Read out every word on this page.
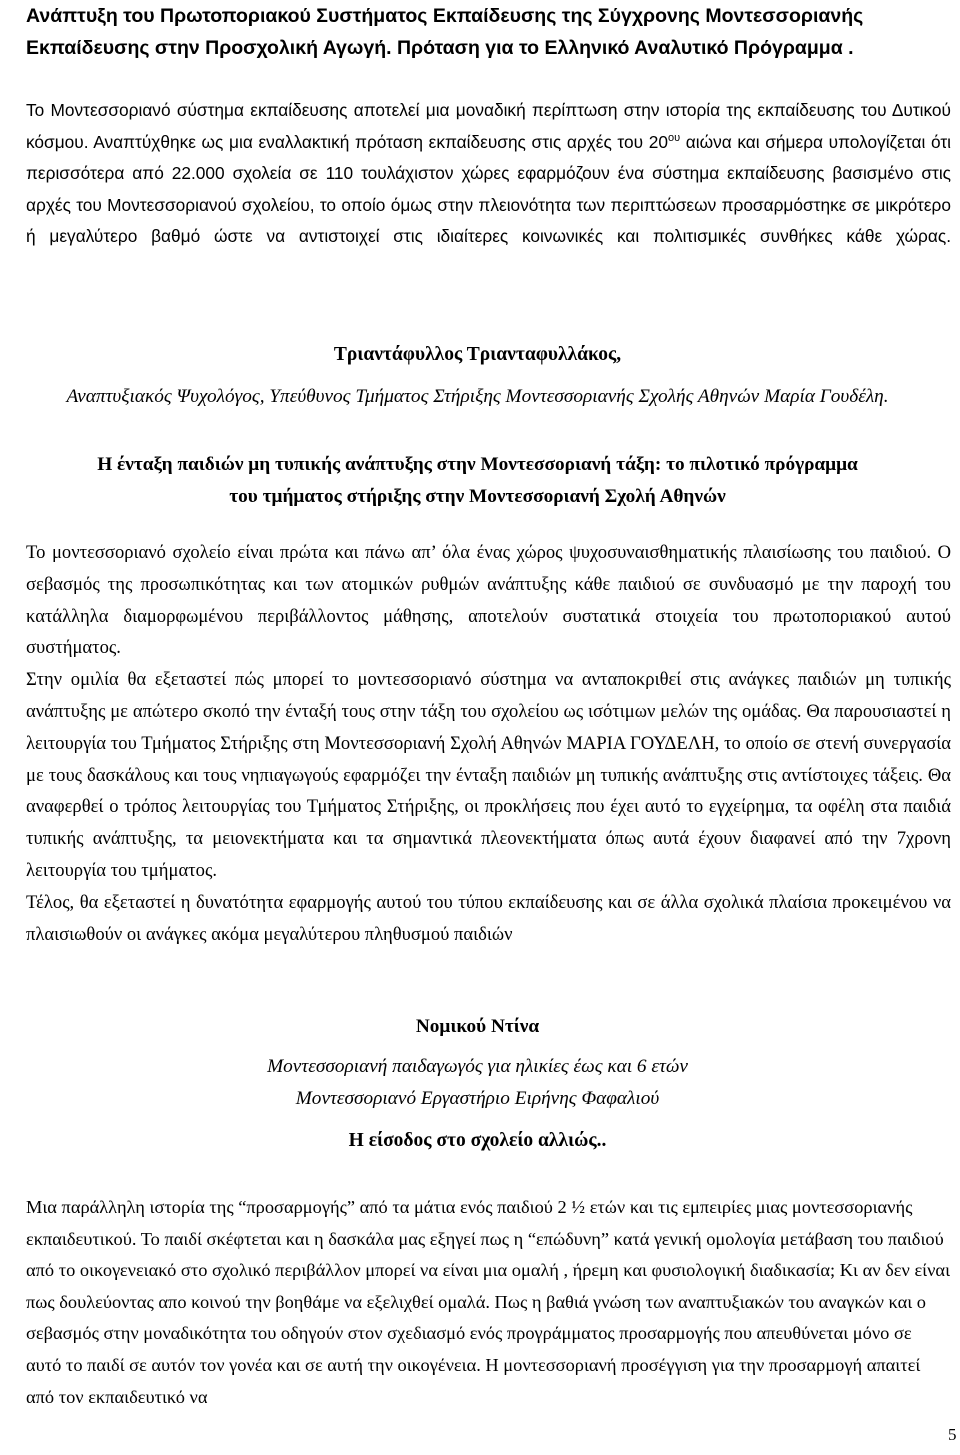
Ανάπτυξη του Πρωτοποριακού Συστήματος Εκπαίδευσης της Σύγχρονης Μοντεσσοριανής
Εκπαίδευσης στην Προσχολική Αγωγή. Πρόταση για το Ελληνικό Αναλυτικό Πρόγραμμα .

Το Μοντεσσοριανό σύστημα εκπαίδευσης αποτελεί μια μοναδική περίπτωση στην ιστορία της εκπαίδευσης του Δυτικού κόσμου. Αναπτύχθηκε ως μια εναλλακτική πρόταση εκπαίδευσης στις αρχές του $20^{o\upsilon}$ αιώνα και σήμερα υπολογίζεται ότι περισσότερα από 22.000 σχολεία σε 110 τουλάχιστον χώρες εφαρμόζουν ένα σύστημα εκπαίδευσης βασισμένο στις αρχές του Μοντεσσοριανού σχολείου, το οποίο όμως στην πλειονότητα των περιπτώσεων προσαρμόστηκε σε μικρότερο ή μεγαλύτερο βαθμό ώστε να αντιστοιχεί στις ιδιαίτερες κοινωνικές και πολιτισμικές συνθήκες κάθε χώρας.

Τριαντάφυλλος Τριανταφυλλάκος,
Αναπτυξιακός Ψυχολόγος, Υπεύθυνος Τμήματος Στήριξης Μοντεσσοριανής Σχολής Αθηνών Μαρία Γουδέλη.
Η ένταξη παιδιών μη τυπικής ανάπτυξης στην Μοντεσσοριανή τάξη: το πιλοτικό πρόγραμμα
του τμήματος στήριξης στην Μοντεσσοριανή Σχολή Αθηνών
Το μοντεσσοριανό σχολείο είναι πρώτα και πάνω απ’ όλα ένας χώρος ψυχοσυναισθηματικής πλαισίωσης του παιδιού. Ο σεβασμός της προσωπικότητας και των ατομικών ρυθμών ανάπτυξης κάθε παιδιού σε συνδυασμό με την παροχή του κατάλληλα διαμορφωμένου περιβάλλοντος μάθησης, αποτελούν συστατικά στοιχεία του πρωτοποριακού αυτού συστήματος.
Στην ομιλία θα εξεταστεί πώς μπορεί το μοντεσσοριανό σύστημα να ανταποκριθεί στις ανάγκες παιδιών μη τυπικής ανάπτυξης με απώτερο σκοπό την ένταξή τους στην τάξη του σχολείου ως ισότιμων μελών της ομάδας. Θα παρουσιαστεί η λειτουργία του Τμήματος Στήριξης στη Μοντεσσοριανή Σχολή Αθηνών ΜΑΡΙΑ ΓΟΥΔΕΛΗ, το οποίο σε στενή συνεργασία με τους δασκάλους και τους νηπιαγωγούς εφαρμόζει την ένταξη παιδιών μη τυπικής ανάπτυξης στις αντίστοιχες τάξεις. Θα αναφερθεί ο τρόπος λειτουργίας του Τμήματος Στήριξης, οι προκλήσεις που έχει αυτό το εγχείρημα, τα οφέλη στα παιδιά τυπικής ανάπτυξης, τα μειονεκτήματα και τα σημαντικά πλεονεκτήματα όπως αυτά έχουν διαφανεί από την 7χρονη λειτουργία του τμήματος.
Τέλος, θα εξεταστεί η δυνατότητα εφαρμογής αυτού του τύπου εκπαίδευσης και σε άλλα σχολικά πλαίσια προκειμένου να πλαισιωθούν οι ανάγκες ακόμα μεγαλύτερου πληθυσμού παιδιών
Νομικού Ντίνα
Μοντεσσοριανή παιδαγωγός για ηλικίες έως και 6 ετών
Μοντεσσοριανό Εργαστήριο Ειρήνης Φαφαλιού
Η είσοδος στο σχολείο αλλιώς..

Μια παράλληλη ιστορία της “προσαρμογής” από τα μάτια ενός παιδιού 2 ½ ετών και τις εμπειρίες μιας μοντεσσοριανής εκπαιδευτικού. Το παιδί σκέφτεται και η δασκάλα μας εξηγεί πως η “επώδυνη” κατά γενική ομολογία μετάβαση του παιδιού από το οικογενειακό στο σχολικό περιβάλλον μπορεί να είναι μια ομαλή , ήρεμη και φυσιολογική διαδικασία; Κι αν δεν είναι πως δουλεύοντας απο κοινού την βοηθάμε να εξελιχθεί ομαλά. Πως η βαθιά γνώση των αναπτυξιακών του αναγκών και ο σεβασμός στην μοναδικότητα του οδηγούν στον σχεδιασμό ενός προγράμματος προσαρμογής που απευθύνεται μόνο σε αυτό το παιδί σε αυτόν τον γονέα και σε αυτή την οικογένεια. Η μοντεσσοριανή προσέγγιση για την προσαρμογή απαιτεί από τον εκπαιδευτικό να

5
